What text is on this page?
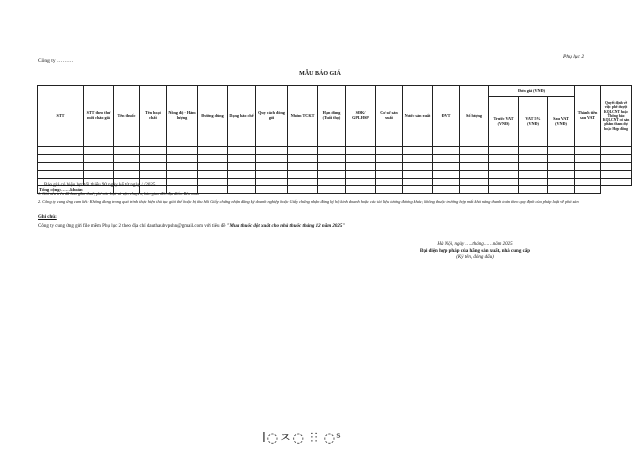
Công ty ………
Phụ lục 2
MẪU BÁO GIÁ
STT	STT theo thư mời chào giá	Tên thuốc	Tên hoạt chất	Nồng độ - Hàm lượng	Đường dùng	Dạng bào chế	Quy cách đóng gói	Nhóm TCKT	Hạn dùng (Tuổi thọ)	SĐK/ GPLHSP	Cơ sở sản xuất	Nước sản xuất	ĐVT	Số lượng	Đơn giá (VNĐ)			Thành tiền sau VAT	Quyết định về việc phê duyệt KQLCNT hoặc Thông báo KQLCNT có sản phẩm tham dự hoặc Hợp đồng
															Trước VAT (VNĐ)	VAT 5% (VNĐ)	Sau VAT (VNĐ)		

Tổng cộng:……khoản																			
Báo giá có hiệu lực tối thiểu 90 ngày kể từ ngày / /2025
1. Giá nêu trên đã bao gồm thuế, phí các loại và vận chuyển, bàn giao đến địa điểm Bên mua
2. Công ty cung ứng cam kết: Không đang trong quá trình thực hiện thủ tục giải thể hoặc bị thu hồi Giấy chứng nhận đăng ký doanh nghiệp hoặc Giấy chứng nhận đăng ký hộ kinh doanh hoặc các tài liệu tương đương khác; không thuộc trường hợp mất khả năng thanh toán theo quy định của pháp luật về phá sản
Ghi chú:
Công ty cung ứng gửi file mềm Phụ lục 2 theo địa chỉ dauthaubvpshn@gmail.com với tiêu đề "Mua thuốc đột xuất cho nhà thuốc tháng 12 năm 2025"
Hà Nội, ngày …..tháng……năm 2025
Đại diện hợp pháp của hãng sản xuất, nhà cung cấp
(Ký tên, đóng dấu)
ⅼ◌ㅈ◌ ⫶⫶ ◌ˢ
